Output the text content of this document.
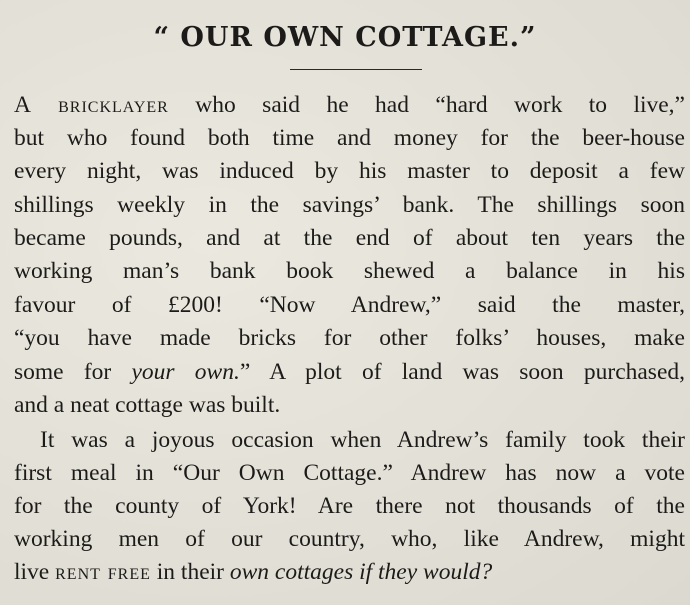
“ OUR OWN COTTAGE.”
A bricklayer who said he had “hard work to live,”
but who found both time and money for the beer-house
every night, was induced by his master to deposit a few
shillings weekly in the savings’ bank. The shillings soon
became pounds, and at the end of about ten years the
working man’s bank book shewed a balance in his
favour of £200! “Now Andrew,” said the master,
“you have made bricks for other folks’ houses, make
some for your own.” A plot of land was soon purchased,
and a neat cottage was built.
It was a joyous occasion when Andrew’s family took their
first meal in “Our Own Cottage.” Andrew has now a vote
for the county of York! Are there not thousands of the
working men of our country, who, like Andrew, might
live rent free in their own cottages if they would?
